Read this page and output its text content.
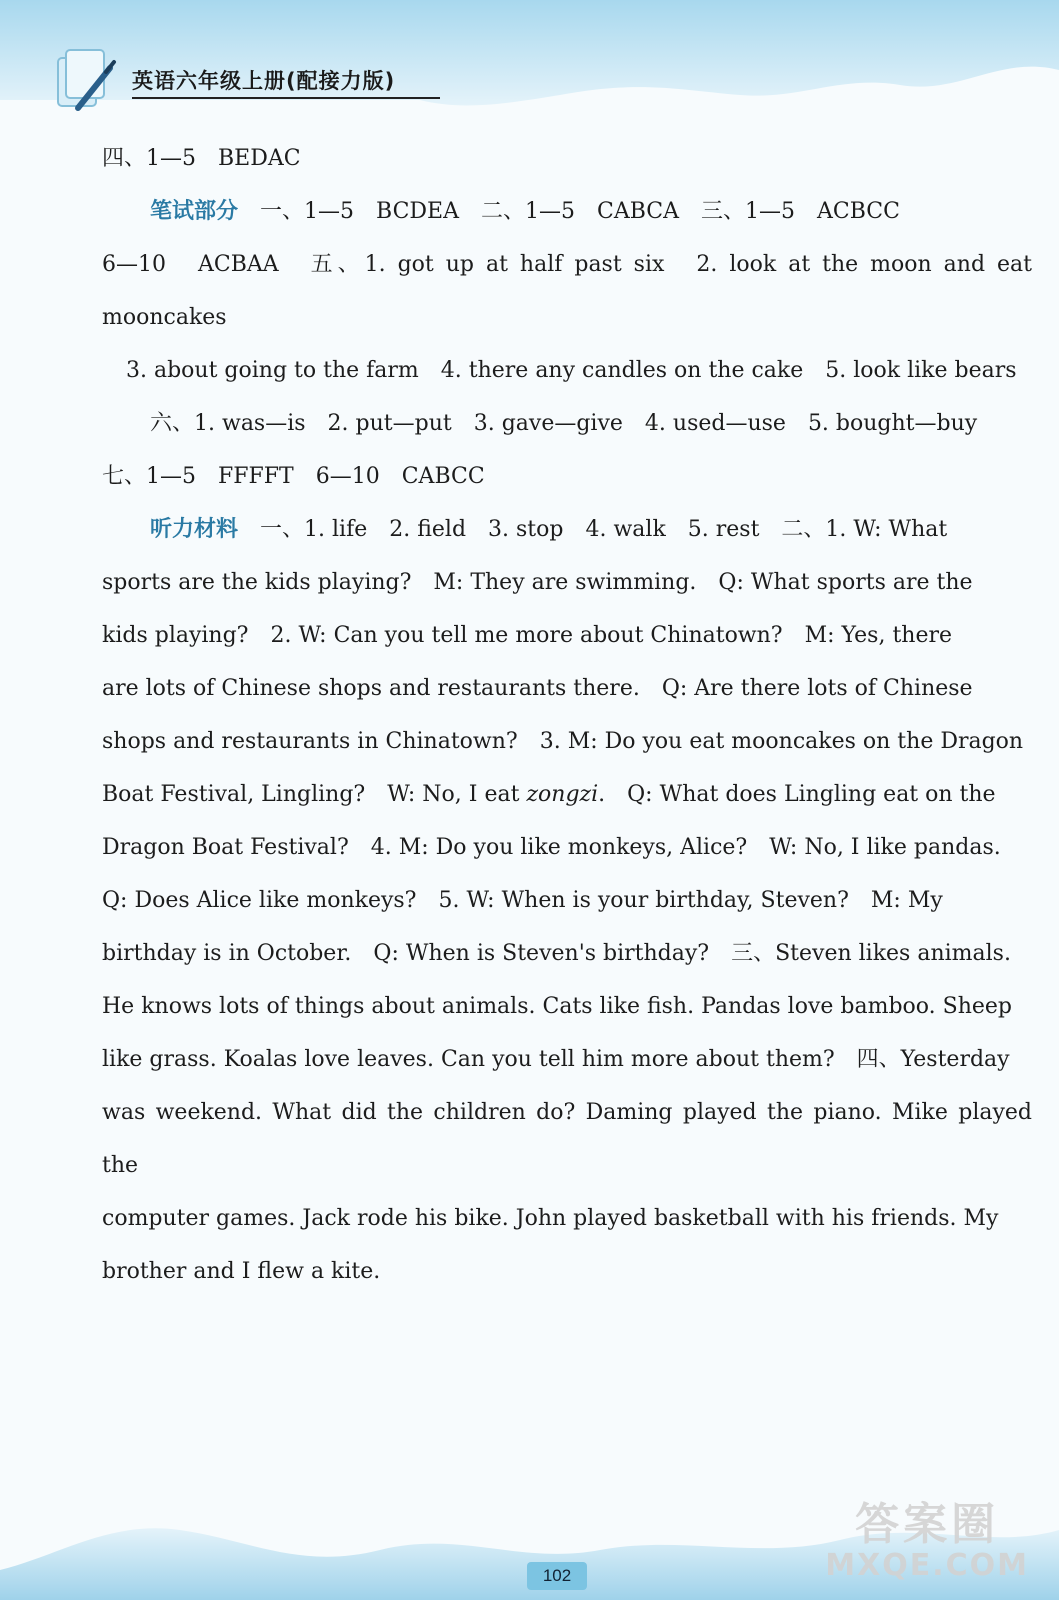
英语六年级上册(配接力版)

四、1—5　BEDAC

笔试部分 一、1—5　BCDEA　二、1—5　CABCA　三、1—5　ACBCC

6—10　ACBAA　五、1. got up at half past six　2. look at the moon and eat mooncakes

3. about going to the farm　4. there any candles on the cake　5. look like bears

六、1. was—is　2. put—put　3. gave—give　4. used—use　5. bought—buy

七、1—5　FFFFT　6—10　CABCC

听力材料 一、1. life　2. field　3. stop　4. walk　5. rest　二、1. W: What

sports are the kids playing?　M: They are swimming.　Q: What sports are the

kids playing?　2. W: Can you tell me more about Chinatown?　M: Yes, there

are lots of Chinese shops and restaurants there.　Q: Are there lots of Chinese

shops and restaurants in Chinatown?　3. M: Do you eat mooncakes on the Dragon

Boat Festival, Lingling?　W: No, I eat zongzi.　Q: What does Lingling eat on the

Dragon Boat Festival?　4. M: Do you like monkeys, Alice?　W: No, I like pandas.

Q: Does Alice like monkeys?　5. W: When is your birthday, Steven?　M: My

birthday is in October.　Q: When is Steven's birthday?　三、Steven likes animals.

He knows lots of things about animals. Cats like fish. Pandas love bamboo. Sheep

like grass. Koalas love leaves. Can you tell him more about them?　四、Yesterday

was weekend. What did the children do? Daming played the piano. Mike played the

computer games. Jack rode his bike. John played basketball with his friends. My

brother and I flew a kite.

102
答案圈
MXQE.COM
